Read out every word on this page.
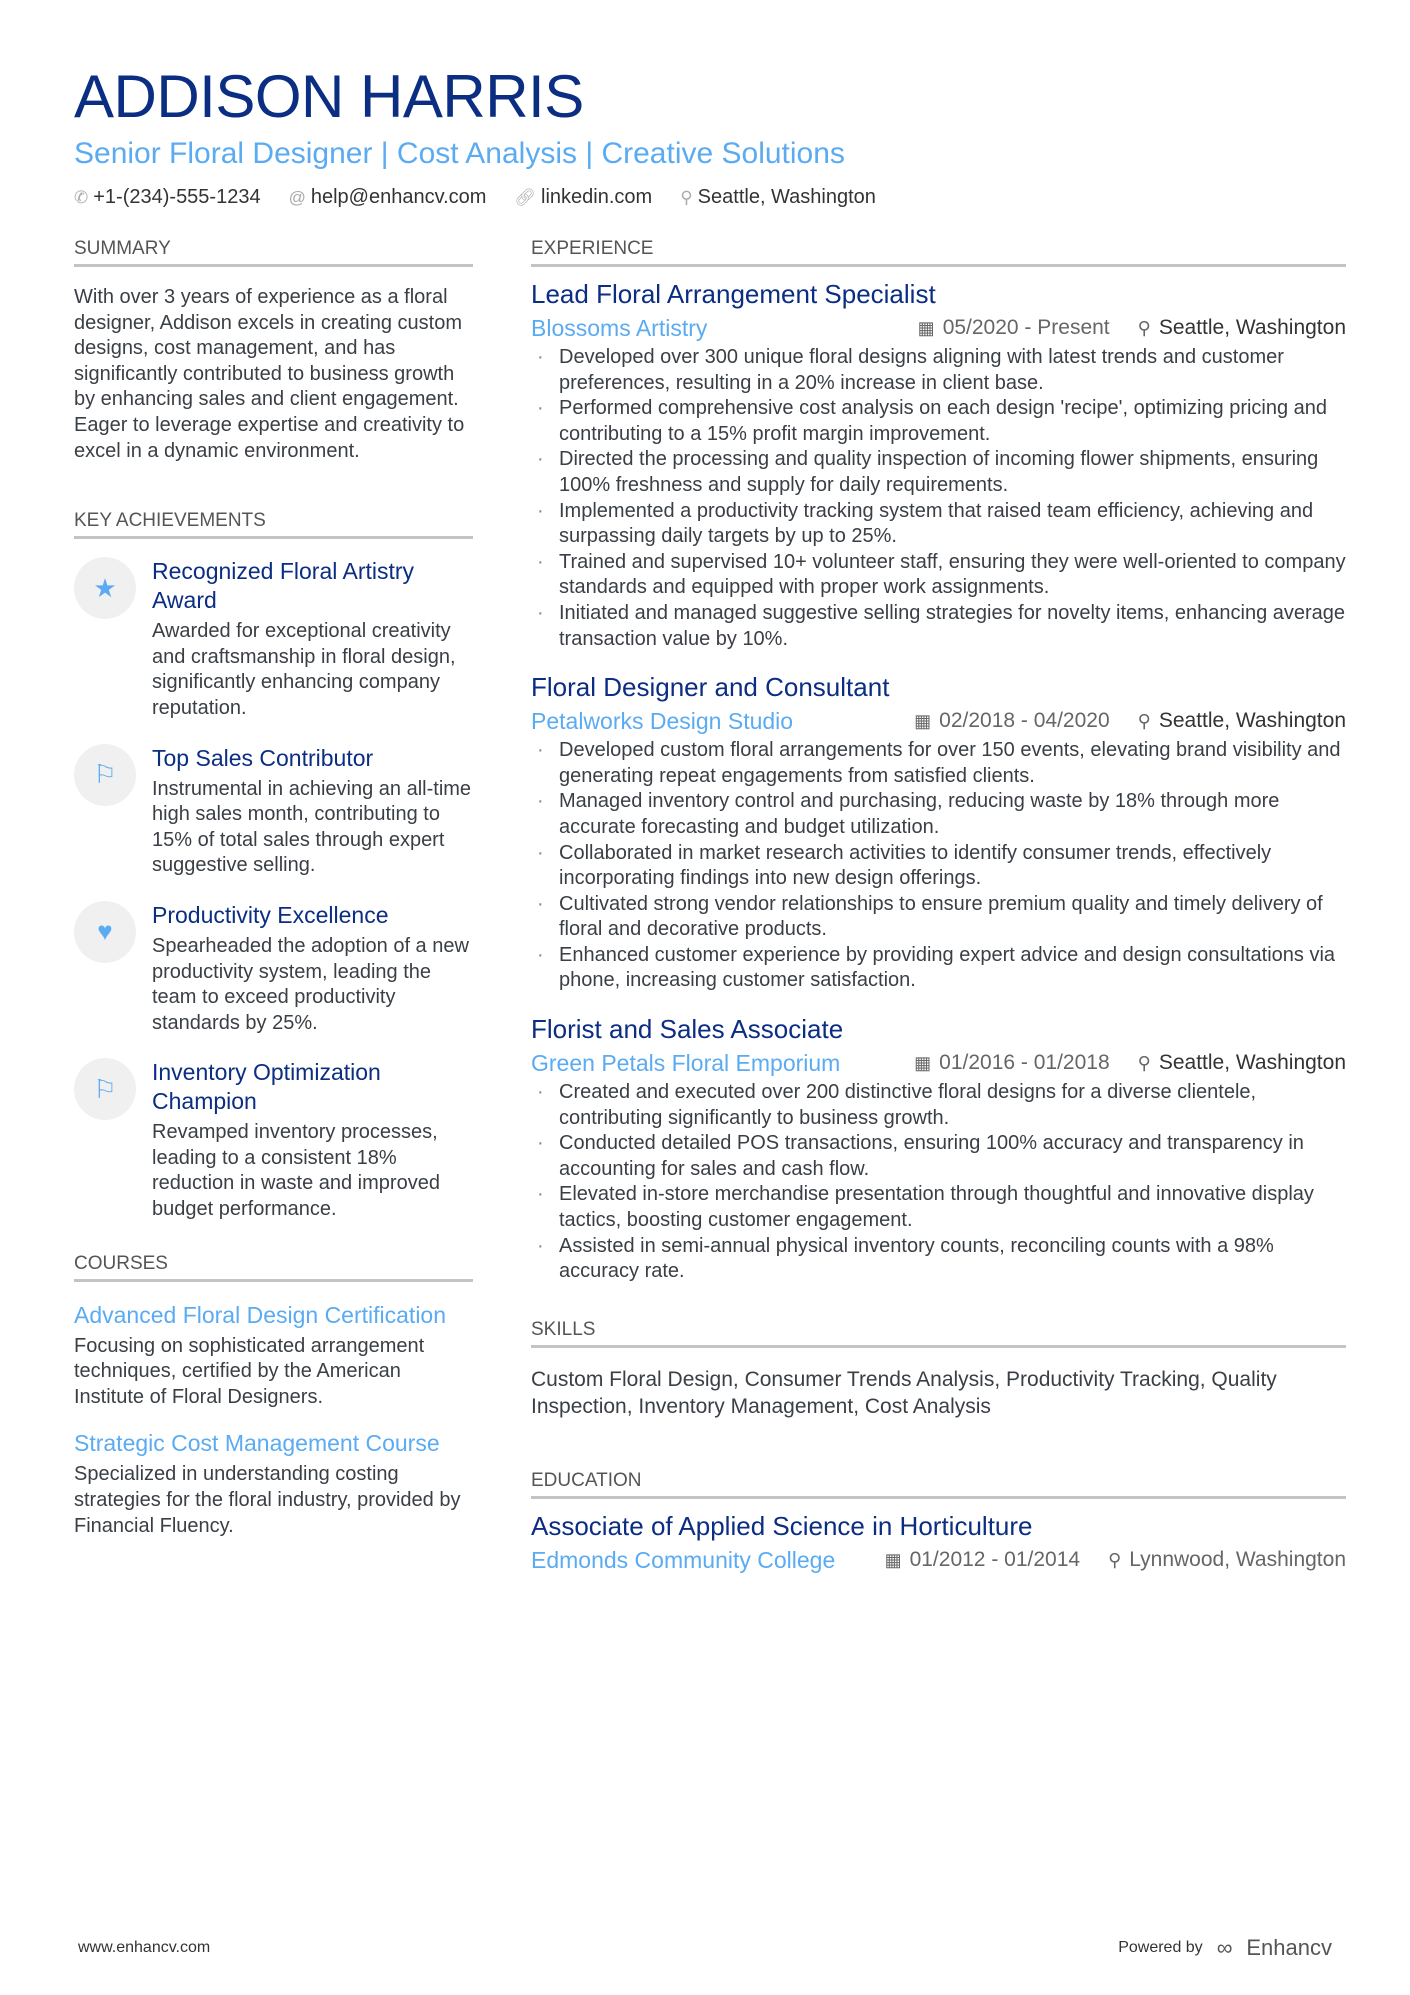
ADDISON HARRIS
Senior Floral Designer | Cost Analysis | Creative Solutions
✆ +1-(234)-555-1234 @ help@enhancv.com 🔗︎ linkedin.com ⚲ Seattle, Washington
SUMMARY
With over 3 years of experience as a floral designer, Addison excels in creating custom designs, cost management, and has significantly contributed to business growth by enhancing sales and client engagement. Eager to leverage expertise and creativity to excel in a dynamic environment.
KEY ACHIEVEMENTS
★
Recognized Floral Artistry Award
Awarded for exceptional creativity and craftsmanship in floral design, significantly enhancing company reputation.
⚐
Top Sales Contributor
Instrumental in achieving an all-time high sales month, contributing to 15% of total sales through expert suggestive selling.
♥
Productivity Excellence
Spearheaded the adoption of a new productivity system, leading the team to exceed productivity standards by 25%.
⚐
Inventory Optimization Champion
Revamped inventory processes, leading to a consistent 18% reduction in waste and improved budget performance.
COURSES
Advanced Floral Design Certification
Focusing on sophisticated arrangement techniques, certified by the American Institute of Floral Designers.
Strategic Cost Management Course
Specialized in understanding costing strategies for the floral industry, provided by Financial Fluency.
EXPERIENCE
Lead Floral Arrangement Specialist
Blossoms Artistry	▦ 05/2020 - Present ⚲ Seattle, Washington
· Developed over 300 unique floral designs aligning with latest trends and customer preferences, resulting in a 20% increase in client base.
· Performed comprehensive cost analysis on each design 'recipe', optimizing pricing and contributing to a 15% profit margin improvement.
· Directed the processing and quality inspection of incoming flower shipments, ensuring 100% freshness and supply for daily requirements.
· Implemented a productivity tracking system that raised team efficiency, achieving and surpassing daily targets by up to 25%.
· Trained and supervised 10+ volunteer staff, ensuring they were well-oriented to company standards and equipped with proper work assignments.
· Initiated and managed suggestive selling strategies for novelty items, enhancing average transaction value by 10%.
Floral Designer and Consultant
Petalworks Design Studio	▦ 02/2018 - 04/2020 ⚲ Seattle, Washington
· Developed custom floral arrangements for over 150 events, elevating brand visibility and generating repeat engagements from satisfied clients.
· Managed inventory control and purchasing, reducing waste by 18% through more accurate forecasting and budget utilization.
· Collaborated in market research activities to identify consumer trends, effectively incorporating findings into new design offerings.
· Cultivated strong vendor relationships to ensure premium quality and timely delivery of floral and decorative products.
· Enhanced customer experience by providing expert advice and design consultations via phone, increasing customer satisfaction.
Florist and Sales Associate
Green Petals Floral Emporium	▦ 01/2016 - 01/2018 ⚲ Seattle, Washington
· Created and executed over 200 distinctive floral designs for a diverse clientele, contributing significantly to business growth.
· Conducted detailed POS transactions, ensuring 100% accuracy and transparency in accounting for sales and cash flow.
· Elevated in-store merchandise presentation through thoughtful and innovative display tactics, boosting customer engagement.
· Assisted in semi-annual physical inventory counts, reconciling counts with a 98% accuracy rate.
SKILLS
Custom Floral Design, Consumer Trends Analysis, Productivity Tracking, Quality Inspection, Inventory Management, Cost Analysis
EDUCATION
Associate of Applied Science in Horticulture
Edmonds Community College	▦ 01/2012 - 01/2014 ⚲ Lynnwood, Washington
www.enhancv.com	Powered by ∞ Enhancv
